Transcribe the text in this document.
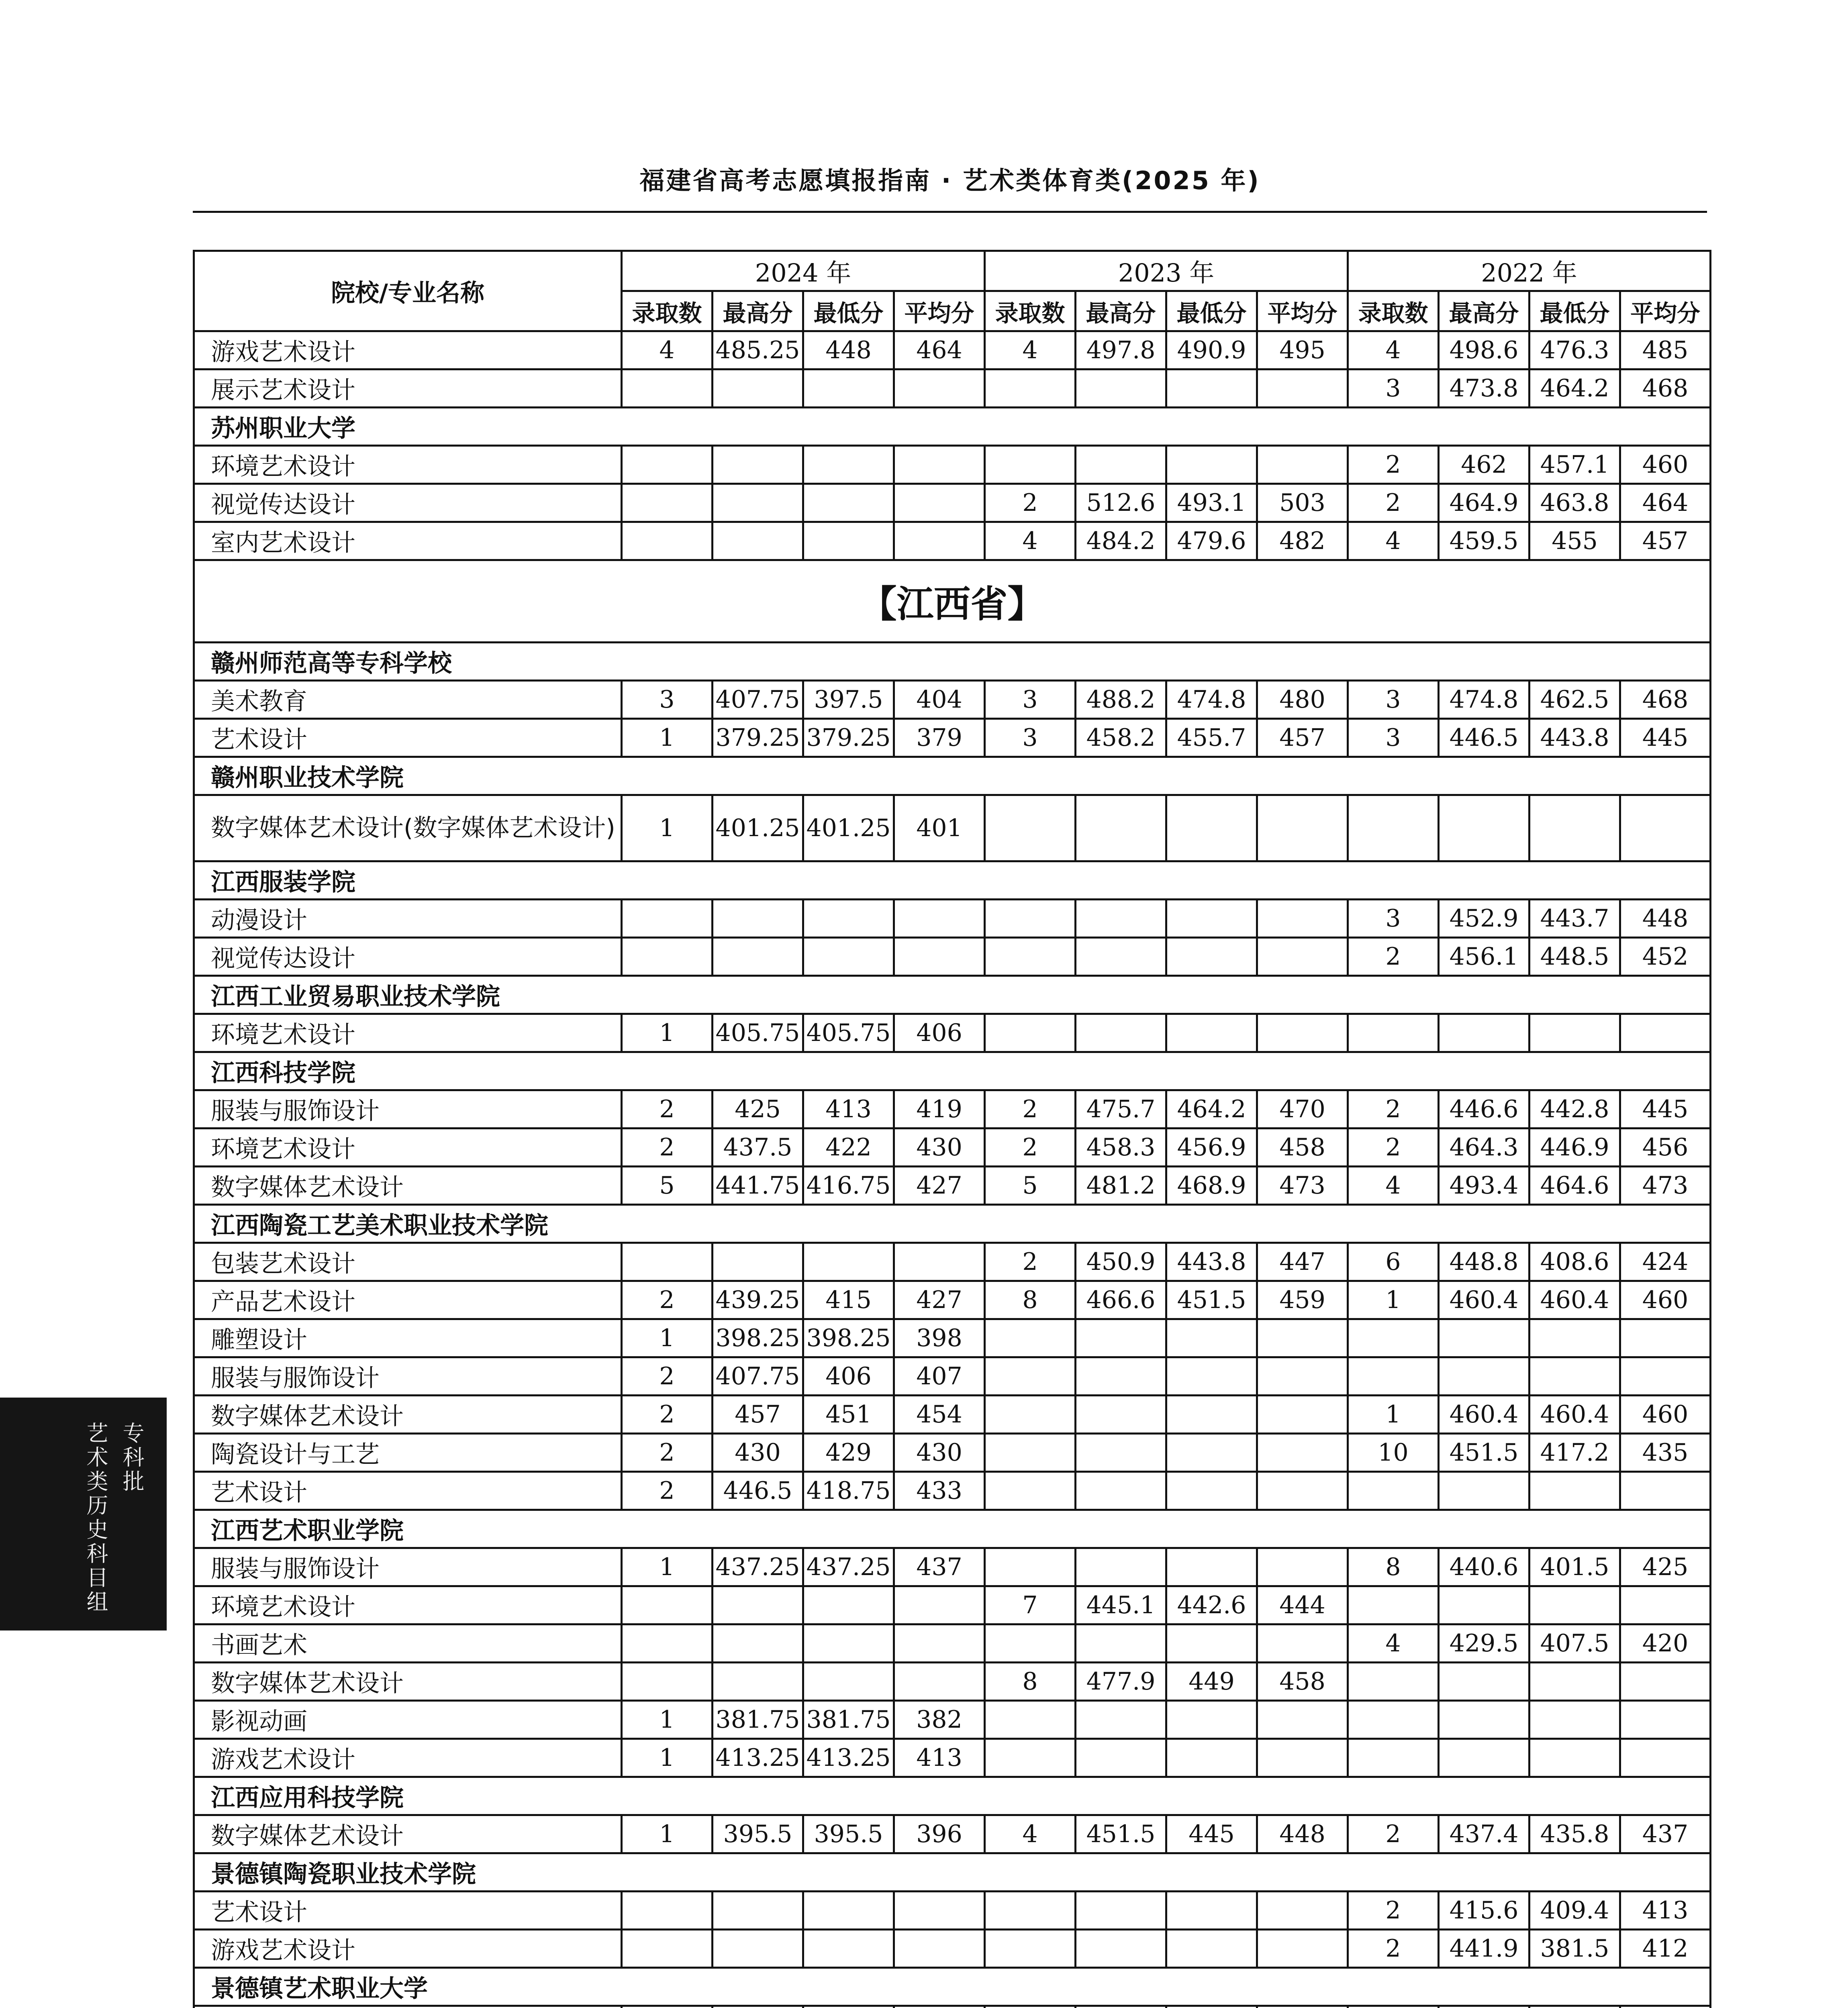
福建省高考志愿填报指南 · 艺术类体育类(2025 年)
院校/专业名称	2024 年				2023 年				2022 年			
	录取数	最高分	最低分	平均分	录取数	最高分	最低分	平均分	录取数	最高分	最低分	平均分
游戏艺术设计	4	485.25	448	464	4	497.8	490.9	495	4	498.6	476.3	485
展示艺术设计									3	473.8	464.2	468
苏州职业大学												
环境艺术设计									2	462	457.1	460
视觉传达设计					2	512.6	493.1	503	2	464.9	463.8	464
室内艺术设计					4	484.2	479.6	482	4	459.5	455	457
【江西省】												
赣州师范高等专科学校												
美术教育	3	407.75	397.5	404	3	488.2	474.8	480	3	474.8	462.5	468
艺术设计	1	379.25	379.25	379	3	458.2	455.7	457	3	446.5	443.8	445
赣州职业技术学院												
数字媒体艺术设计(数字媒体艺术设计)	1	401.25	401.25	401								
江西服装学院												
动漫设计									3	452.9	443.7	448
视觉传达设计									2	456.1	448.5	452
江西工业贸易职业技术学院												
环境艺术设计	1	405.75	405.75	406								
江西科技学院												
服装与服饰设计	2	425	413	419	2	475.7	464.2	470	2	446.6	442.8	445
环境艺术设计	2	437.5	422	430	2	458.3	456.9	458	2	464.3	446.9	456
数字媒体艺术设计	5	441.75	416.75	427	5	481.2	468.9	473	4	493.4	464.6	473
江西陶瓷工艺美术职业技术学院												
包装艺术设计					2	450.9	443.8	447	6	448.8	408.6	424
产品艺术设计	2	439.25	415	427	8	466.6	451.5	459	1	460.4	460.4	460
雕塑设计	1	398.25	398.25	398								
服装与服饰设计	2	407.75	406	407								
数字媒体艺术设计	2	457	451	454					1	460.4	460.4	460
陶瓷设计与工艺	2	430	429	430					10	451.5	417.2	435
艺术设计	2	446.5	418.75	433								
江西艺术职业学院												
服装与服饰设计	1	437.25	437.25	437					8	440.6	401.5	425
环境艺术设计					7	445.1	442.6	444				
书画艺术									4	429.5	407.5	420
数字媒体艺术设计					8	477.9	449	458				
影视动画	1	381.75	381.75	382								
游戏艺术设计	1	413.25	413.25	413								
江西应用科技学院												
数字媒体艺术设计	1	395.5	395.5	396	4	451.5	445	448	2	437.4	435.8	437
景德镇陶瓷职业技术学院												
艺术设计									2	415.6	409.4	413
游戏艺术设计									2	441.9	381.5	412
景德镇艺术职业大学												

专科批
艺术类历史科目组
